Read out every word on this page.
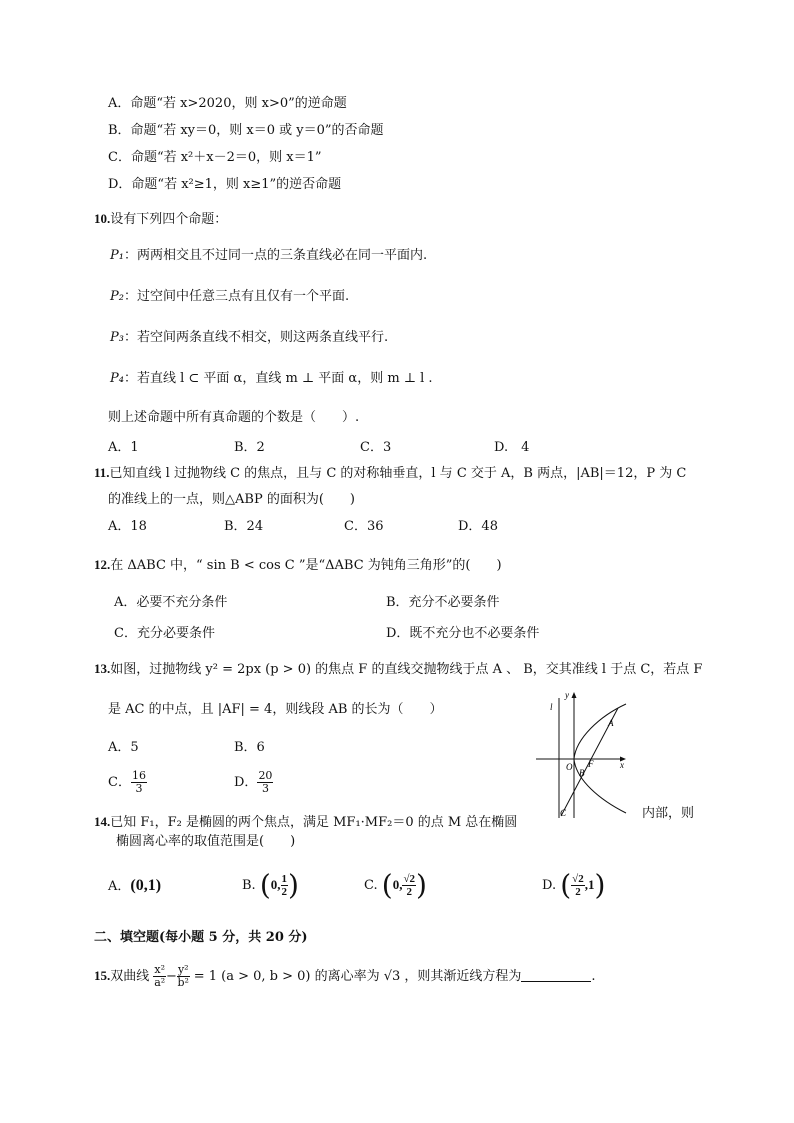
A．命题“若 x>2020，则 x>0”的逆命题
B．命题“若 xy＝0，则 x＝0 或 y＝0”的否命题
C．命题“若 x²＋x－2＝0，则 x＝1”
D．命题“若 x²≥1，则 x≥1”的逆否命题
10.设有下列四个命题：
P₁：两两相交且不过同一点的三条直线必在同一平面内.
P₂：过空间中任意三点有且仅有一个平面.
P₃：若空间两条直线不相交，则这两条直线平行.
P₄：若直线 l ⊂ 平面 α，直线 m ⊥ 平面 α，则 m ⊥ l .
则上述命题中所有真命题的个数是（　　）.
A．1	B．2	C．3	D.　4
11.已知直线 l 过抛物线 C 的焦点，且与 C 的对称轴垂直，l 与 C 交于 A，B 两点，|AB|＝12，P 为 C
的准线上的一点，则△ABP 的面积为(　　)
A．18	B．24	C．36	D．48
12.在 ΔABC 中，“ sin B < cos C ”是“ΔABC 为钝角三角形”的(　　)
A．必要不充分条件	B．充分不必要条件
C．充分必要条件	D．既不充分也不必要条件
13.如图，过抛物线 y² = 2px (p > 0) 的焦点 F 的直线交抛物线于点 A 、 B，交其准线 l 于点 C，若点 F
是 AC 的中点，且 |AF| = 4，则线段 AB 的长为（　　）
A．5	B．6
C． $\frac{16}{3}$	D． $\frac{20}{3}$
y
x
l
A
B
O F
C
14.已知 F₁，F₂ 是椭圆的两个焦点，满足 MF₁·MF₂＝0 的点 M 总在椭圆
内部，则
椭圆离心率的取值范围是(　　)
A．(0,1)	B. (0, $\frac{1}{2}$ )	C. (0, $\frac{√2}{2}$ )	D. ( $\frac{√2}{2} ,1$)
二、填空题(每小题 5 分，共 20 分)
15.双曲线 $\frac{\text{x²}}{\text{a²}} - \frac{\text{y²}}{\text{b²}} = 1$ (a > 0, b > 0) 的离心率为 √3 ，则其渐近线方程为	.
